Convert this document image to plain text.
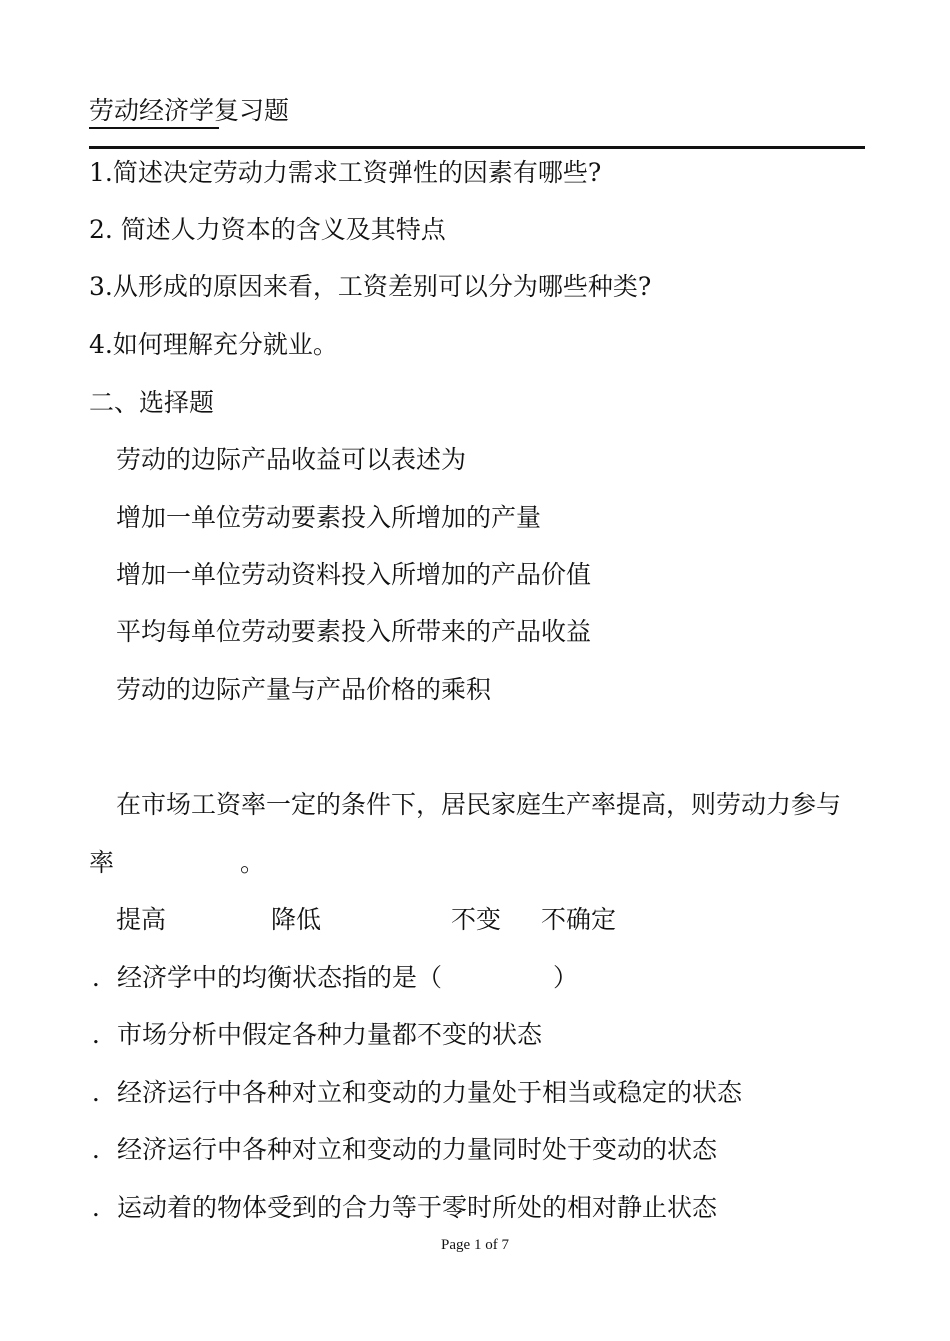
劳动经济学复习题
1.简述决定劳动力需求工资弹性的因素有哪些?
2. 简述人力资本的含义及其特点
3.从形成的原因来看，工资差别可以分为哪些种类?
4.如何理解充分就业。
二、选择题
劳动的边际产品收益可以表述为
增加一单位劳动要素投入所增加的产量
增加一单位劳动资料投入所增加的产品价值
平均每单位劳动要素投入所带来的产品收益
劳动的边际产量与产品价格的乘积
在市场工资率一定的条件下，居民家庭生产率提高，则劳动力参与
率	。
提高	降低	不变 不确定
．经济学中的均衡状态指的是（	）
．市场分析中假定各种力量都不变的状态
．经济运行中各种对立和变动的力量处于相当或稳定的状态
．经济运行中各种对立和变动的力量同时处于变动的状态
．运动着的物体受到的合力等于零时所处的相对静止状态
Page 1 of 7
